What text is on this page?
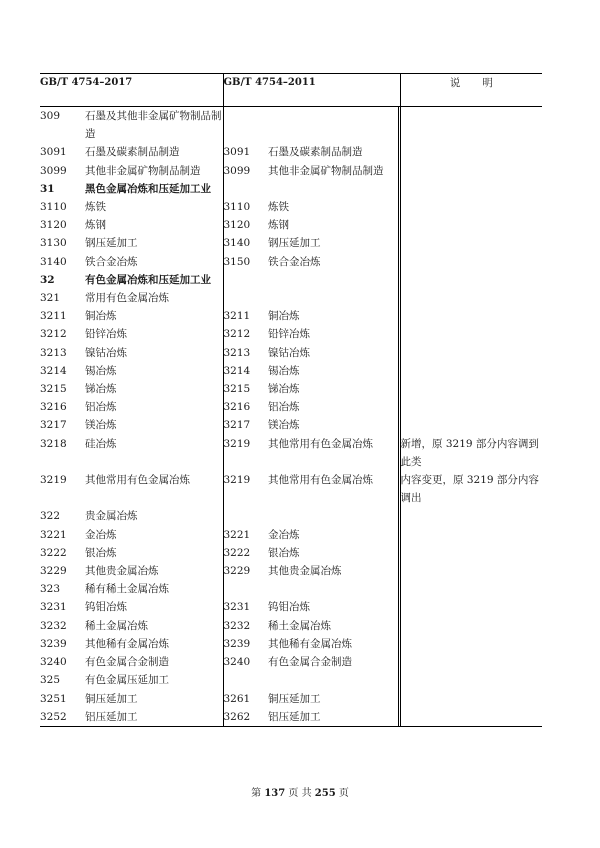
GB/T 4754–2017		GB/T 4754–2011			说明
309	石墨及其他非金属矿物制品制造				
3091	石墨及碳素制品制造	3091	石墨及碳素制品制造		
3099	其他非金属矿物制品制造	3099	其他非金属矿物制品制造		
31	黑色金属冶炼和压延加工业				
3110	炼铁	3110	炼铁		
3120	炼钢	3120	炼钢		
3130	钢压延加工	3140	钢压延加工		
3140	铁合金冶炼	3150	铁合金冶炼		
32	有色金属冶炼和压延加工业				
321	常用有色金属冶炼				
3211	铜冶炼	3211	铜冶炼		
3212	铅锌冶炼	3212	铅锌冶炼		
3213	镍钴冶炼	3213	镍钴冶炼		
3214	锡冶炼	3214	锡冶炼		
3215	锑冶炼	3215	锑冶炼		
3216	铝冶炼	3216	铝冶炼		
3217	镁冶炼	3217	镁冶炼		
3218	硅冶炼	3219	其他常用有色金属冶炼		新增，原 3219 部分内容调到此类
3219	其他常用有色金属冶炼	3219	其他常用有色金属冶炼		内容变更，原 3219 部分内容调出
322	贵金属冶炼				
3221	金冶炼	3221	金冶炼		
3222	银冶炼	3222	银冶炼		
3229	其他贵金属冶炼	3229	其他贵金属冶炼		
323	稀有稀土金属冶炼				
3231	钨钼冶炼	3231	钨钼冶炼		
3232	稀土金属冶炼	3232	稀土金属冶炼		
3239	其他稀有金属冶炼	3239	其他稀有金属冶炼		
3240	有色金属合金制造	3240	有色金属合金制造		
325	有色金属压延加工				
3251	铜压延加工	3261	铜压延加工		
3252	铝压延加工	3262	铝压延加工		
第 137 页 共 255 页
